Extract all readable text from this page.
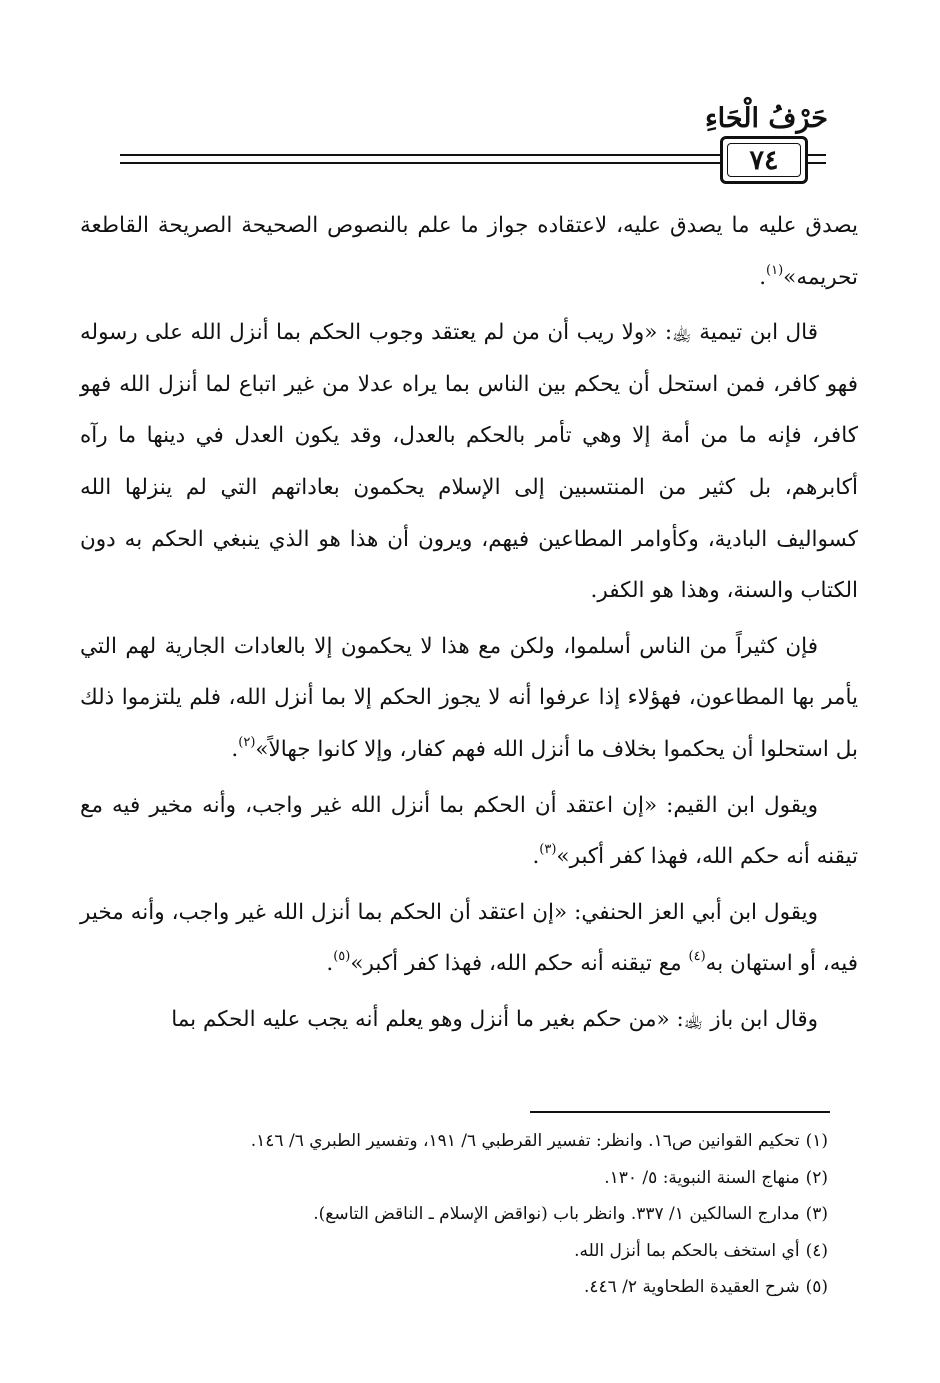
حَرْفُ الْحَاءِ
٧٤

يصدق عليه ما يصدق عليه، لاعتقاده جواز ما علم بالنصوص الصحيحة الصريحة القاطعة تحريمه»$^{(١)}$.

قال ابن تيمية ﵀: «ولا ريب أن من لم يعتقد وجوب الحكم بما أنزل الله على رسوله فهو كافر، فمن استحل أن يحكم بين الناس بما يراه عدلا من غير اتباع لما أنزل الله فهو كافر، فإنه ما من أمة إلا وهي تأمر بالحكم بالعدل، وقد يكون العدل في دينها ما رآه أكابرهم، بل كثير من المنتسبين إلى الإسلام يحكمون بعاداتهم التي لم ينزلها الله كسواليف البادية، وكأوامر المطاعين فيهم، ويرون أن هذا هو الذي ينبغي الحكم به دون الكتاب والسنة، وهذا هو الكفر.

فإن كثيراً من الناس أسلموا، ولكن مع هذا لا يحكمون إلا بالعادات الجارية لهم التي يأمر بها المطاعون، فهؤلاء إذا عرفوا أنه لا يجوز الحكم إلا بما أنزل الله، فلم يلتزموا ذلك بل استحلوا أن يحكموا بخلاف ما أنزل الله فهم كفار، وإلا كانوا جهالاً»$^{(٢)}$.

ويقول ابن القيم: «إن اعتقد أن الحكم بما أنزل الله غير واجب، وأنه مخير فيه مع تيقنه أنه حكم الله، فهذا كفر أكبر»$^{(٣)}$.

ويقول ابن أبي العز الحنفي: «إن اعتقد أن الحكم بما أنزل الله غير واجب، وأنه مخير فيه، أو استهان به$^{(٤)}$ مع تيقنه أنه حكم الله، فهذا كفر أكبر»$^{(٥)}$.

وقال ابن باز ﵀: «من حكم بغير ما أنزل وهو يعلم أنه يجب عليه الحكم بما

(١)تحكيم القوانين ص١٦. وانظر: تفسير القرطبي ٦/ ١٩١، وتفسير الطبري ٦/ ١٤٦.
(٢)منهاج السنة النبوية: ٥/ ١٣٠.
(٣)مدارج السالكين ١/ ٣٣٧. وانظر باب (نواقض الإسلام ـ الناقض التاسع).
(٤)أي استخف بالحكم بما أنزل الله.
(٥)شرح العقيدة الطحاوية ٢/ ٤٤٦.
